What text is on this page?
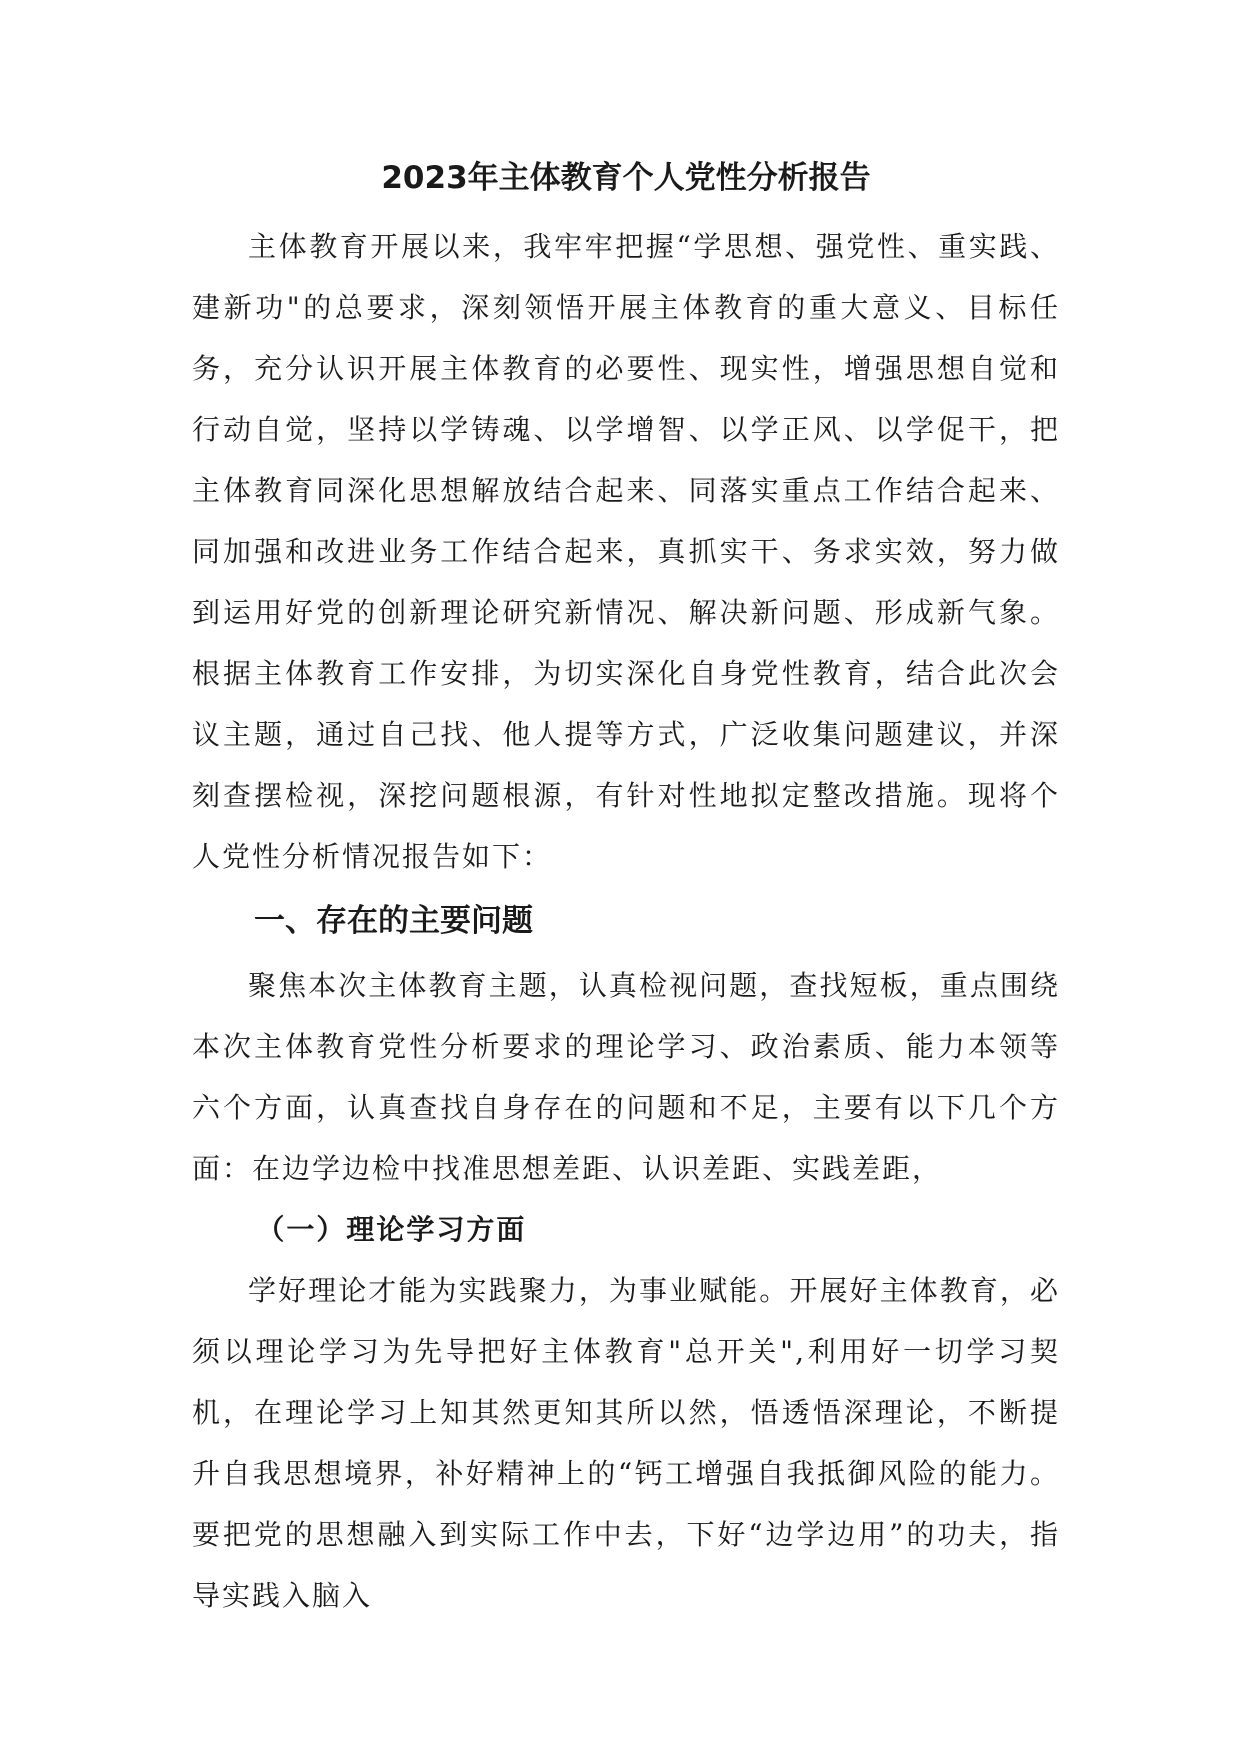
2023年主体教育个人党性分析报告

主体教育开展以来，我牢牢把握“学思想、强党性、重实践、建新功"的总要求，深刻领悟开展主体教育的重大意义、目标任务，充分认识开展主体教育的必要性、现实性，增强思想自觉和行动自觉，坚持以学铸魂、以学增智、以学正风、以学促干，把主体教育同深化思想解放结合起来、同落实重点工作结合起来、同加强和改进业务工作结合起来，真抓实干、务求实效，努力做到运用好党的创新理论研究新情况、解决新问题、形成新气象。根据主体教育工作安排，为切实深化自身党性教育，结合此次会议主题，通过自己找、他人提等方式，广泛收集问题建议，并深刻查摆检视，深挖问题根源，有针对性地拟定整改措施。现将个人党性分析情况报告如下：

一、存在的主要问题

聚焦本次主体教育主题，认真检视问题，查找短板，重点围绕本次主体教育党性分析要求的理论学习、政治素质、能力本领等六个方面，认真查找自身存在的问题和不足，主要有以下几个方面：在边学边检中找准思想差距、认识差距、实践差距，

（一）理论学习方面

学好理论才能为实践聚力，为事业赋能。开展好主体教育，必须以理论学习为先导把好主体教育"总开关",利用好一切学习契机，在理论学习上知其然更知其所以然，悟透悟深理论，不断提升自我思想境界，补好精神上的“钙工增强自我抵御风险的能力。要把党的思想融入到实际工作中去，下好“边学边用”的功夫，指导实践入脑入
